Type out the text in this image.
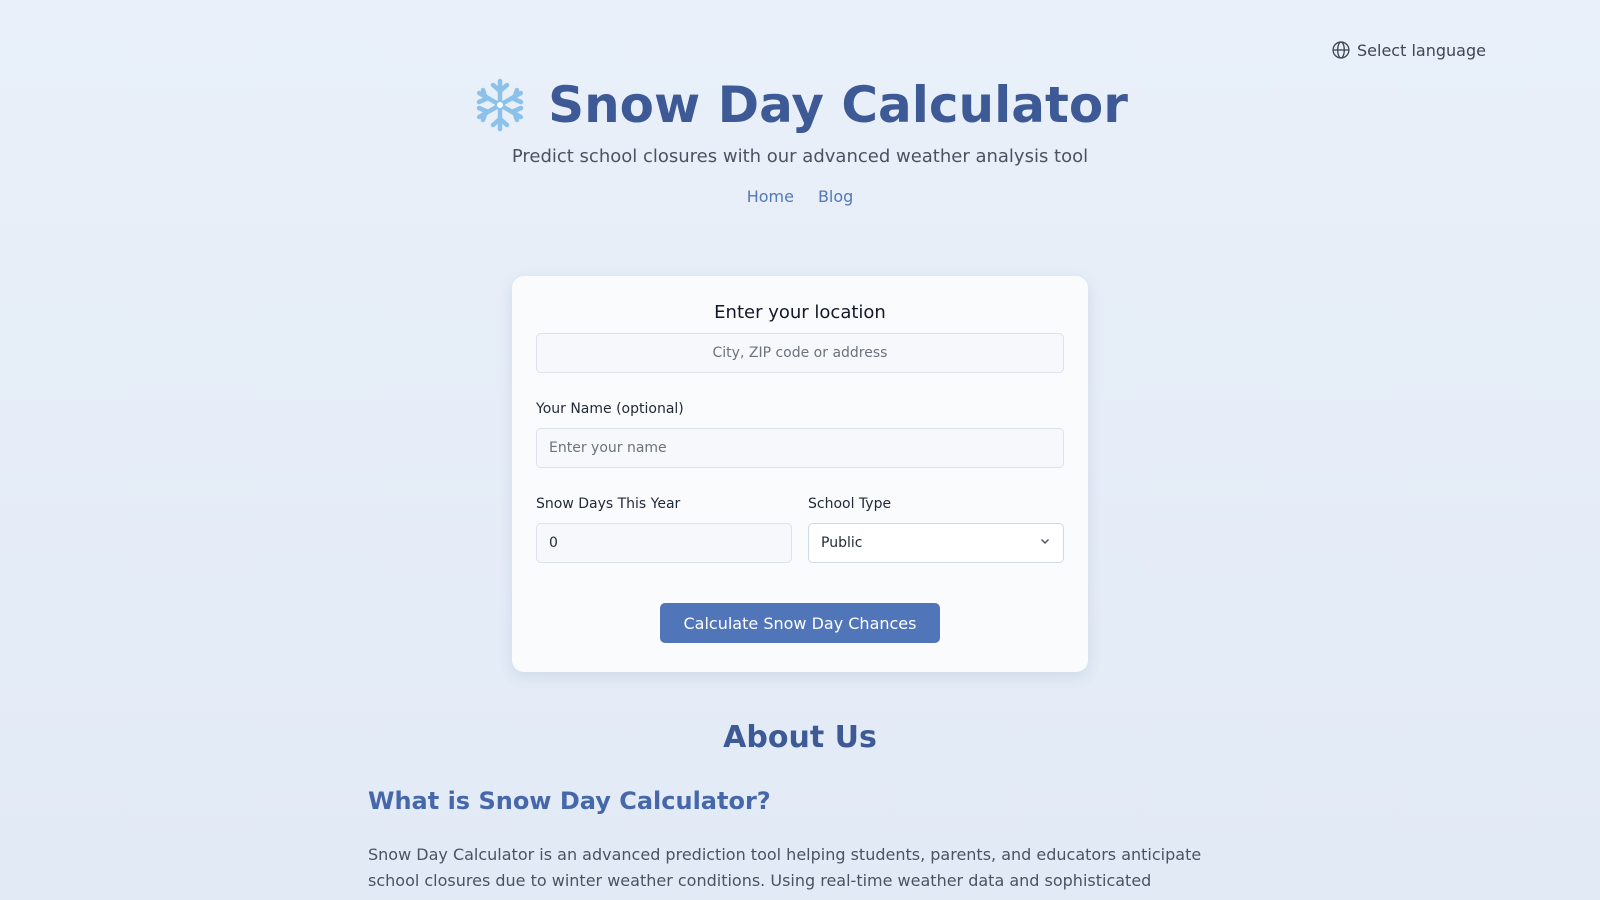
Select language
Snow Day Calculator

Predict school closures with our advanced weather analysis tool

Home Blog
Enter your location
City, ZIP code or address
Your Name (optional)
Enter your name
Snow Days This Year
0	School Type
Public
Calculate Snow Day Chances
About Us
What is Snow Day Calculator?

Snow Day Calculator is an advanced prediction tool helping students, parents, and educators anticipate school closures due to winter weather conditions. Using real-time weather data and sophisticated
